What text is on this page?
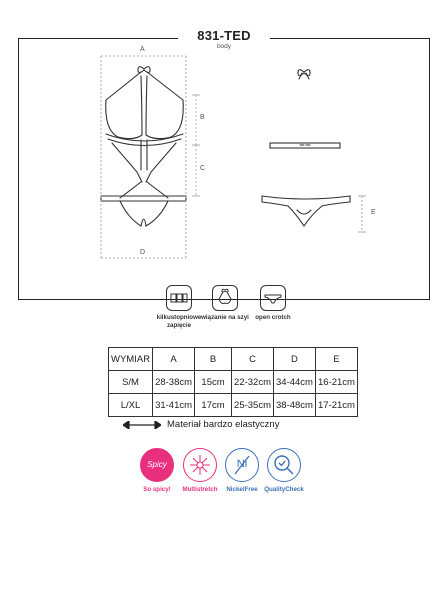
831-TED
body
A
B
C
D
E
kilkustopniowe zapięcie
wiązanie na szyi	open crotch
WYMIAR	A	B	C	D	E
S/M	28-38cm	15cm	22-32cm	34-44cm	16-21cm
L/XL	31-41cm	17cm	25-35cm	38-48cm	17-21cm
Materiał bardzo elastyczny
Spicy
So spicy!	Multistretch
Ni
NickelFree	QualityCheck
